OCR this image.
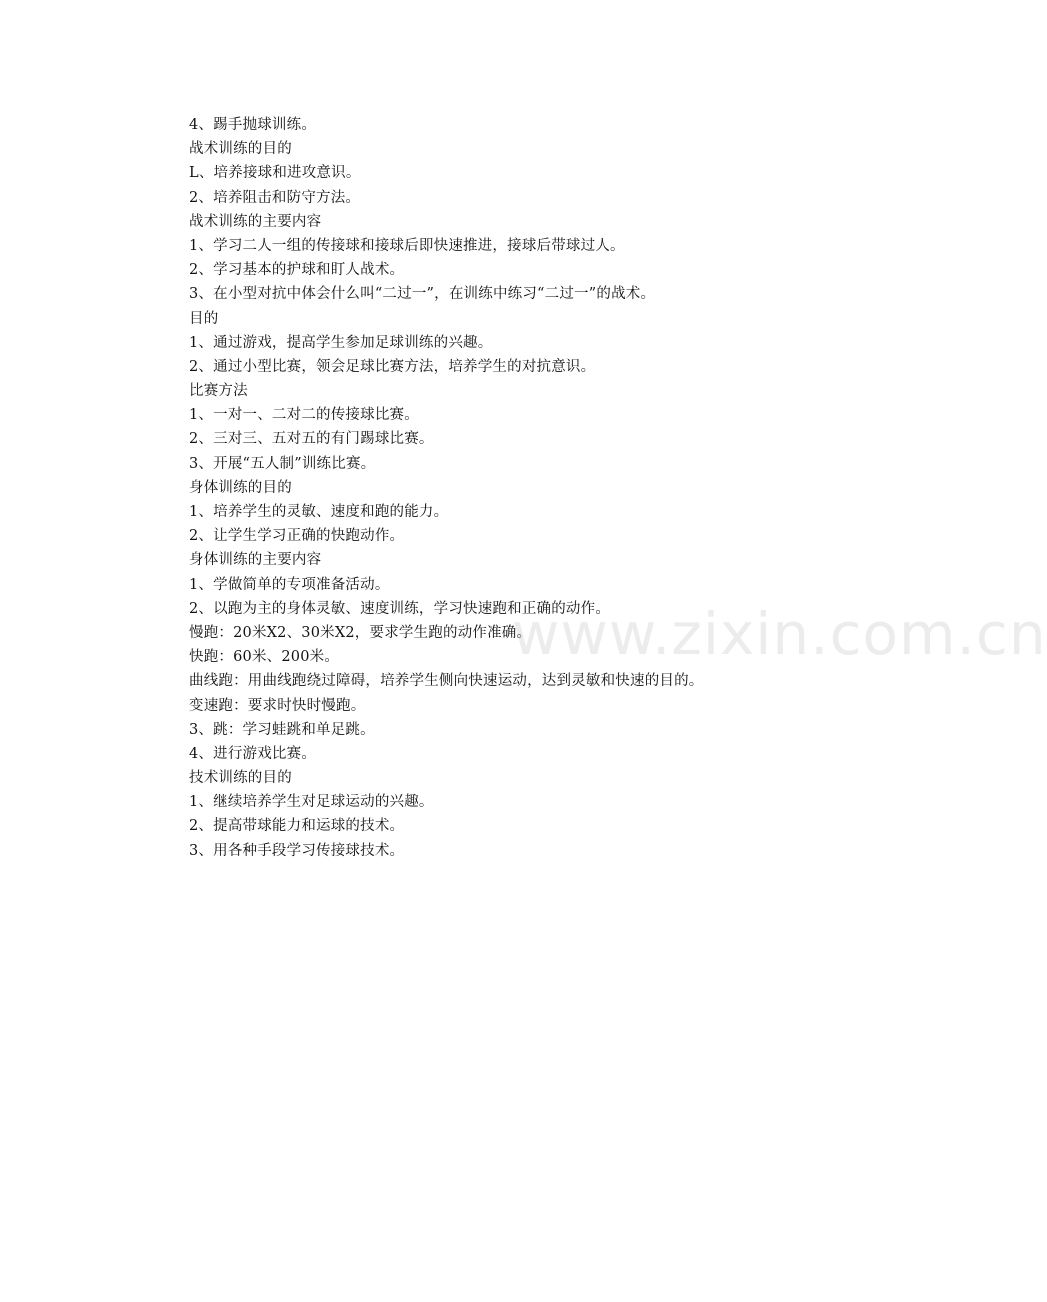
4、踢手抛球训练。
战术训练的目的
L、培养接球和进攻意识。
2、培养阻击和防守方法。
战术训练的主要内容
1、学习二人一组的传接球和接球后即快速推进，接球后带球过人。
2、学习基本的护球和盯人战术。
3、在小型对抗中体会什么叫“二过一”，在训练中练习“二过一”的战术。
目的
1、通过游戏，提高学生参加足球训练的兴趣。
2、通过小型比赛，领会足球比赛方法，培养学生的对抗意识。
比赛方法
1、一对一、二对二的传接球比赛。
2、三对三、五对五的有门踢球比赛。
3、开展“五人制”训练比赛。
身体训练的目的
1、培养学生的灵敏、速度和跑的能力。
2、让学生学习正确的快跑动作。
身体训练的主要内容
1、学做简单的专项准备活动。
2、以跑为主的身体灵敏、速度训练，学习快速跑和正确的动作。
慢跑：20米X2、30米X2，要求学生跑的动作准确。
快跑：60米、200米。
曲线跑：用曲线跑绕过障碍，培养学生侧向快速运动，达到灵敏和快速的目的。
变速跑：要求时快时慢跑。
3、跳：学习蛙跳和单足跳。
4、进行游戏比赛。
技术训练的目的
1、继续培养学生对足球运动的兴趣。
2、提高带球能力和运球的技术。
3、用各种手段学习传接球技术。
www.zixin.com.cn
